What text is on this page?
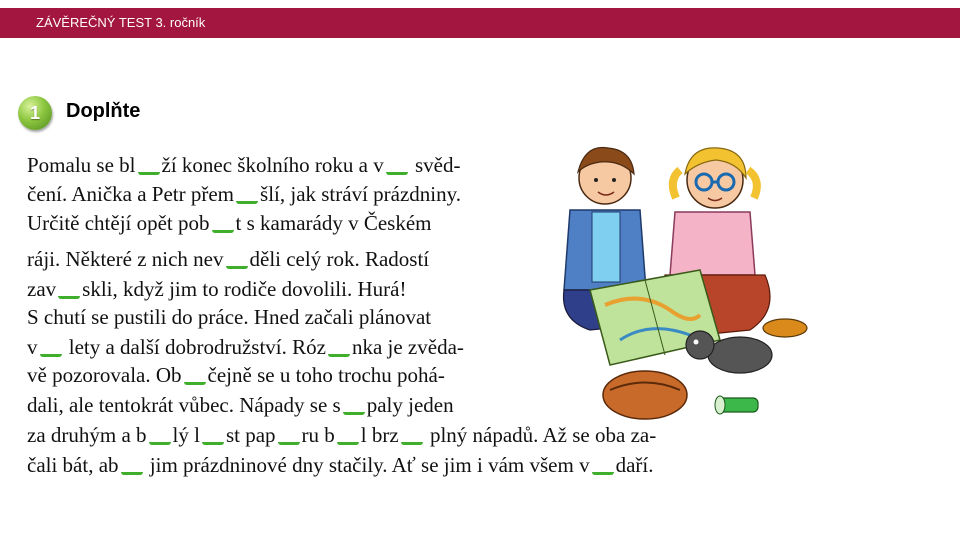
ZÁVĚREČNÝ TEST 3. ročník
1	Doplňte
Pomalu se bl ží konec školního roku a v svěd-
čení. Anička a Petr přem šlí, jak stráví prázdniny.
Určitě chtějí opět pob t s kamarády v Českém
ráji. Některé z nich nev děli celý rok. Radostí
zav skli, když jim to rodiče dovolili. Hurá!
S chutí se pustili do práce. Hned začali plánovat
v lety a další dobrodružství. Róz nka je zvěda-
vě pozorovala. Ob čejně se u toho trochu pohá-
dali, ale tentokrát vůbec. Nápady se s paly jeden
za druhým a b lý l st pap ru b l brz plný nápadů. Až se oba za-
čali bát, ab jim prázdninové dny stačily. Ať se jim i vám všem v daří.
